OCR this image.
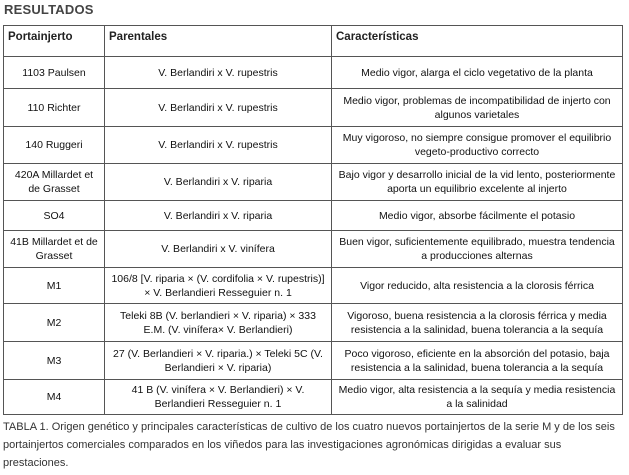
RESULTADOS
Portainjerto	Parentales	Características
1103 Paulsen	V. Berlandiri x V. rupestris	Medio vigor, alarga el ciclo vegetativo de la planta
110 Richter	V. Berlandiri x V. rupestris	Medio vigor, problemas de incompatibilidad de injerto con algunos varietales
140 Ruggeri	V. Berlandiri x V. rupestris	Muy vigoroso, no siempre consigue promover el equilibrio vegeto-productivo correcto
420A Millardet et de Grasset	V. Berlandiri x V. riparia	Bajo vigor y desarrollo inicial de la vid lento, posteriormente aporta un equilibrio excelente al injerto
SO4	V. Berlandiri x V. riparia	Medio vigor, absorbe fácilmente el potasio
41B Millardet et de Grasset	V. Berlandiri x V. vinífera	Buen vigor, suficientemente equilibrado, muestra tendencia a producciones alternas
M1	106/8 [V. riparia × (V. cordifolia × V. rupestris)] × V. Berlandieri Resseguier n. 1	Vigor reducido, alta resistencia a la clorosis férrica
M2	Teleki 8B (V. berlandieri × V. riparia) × 333 E.M. (V. vinífera× V. Berlandieri)	Vigoroso, buena resistencia a la clorosis férrica y media resistencia a la salinidad, buena tolerancia a la sequía
M3	27 (V. Berlandieri × V. riparia.) × Teleki 5C (V. Berlandieri × V. riparia)	Poco vigoroso, eficiente en la absorción del potasio, baja resistencia a la salinidad, buena tolerancia a la sequía
M4	41 B (V. vinífera × V. Berlandieri) × V. Berlandieri Resseguier n. 1	Medio vigor, alta resistencia a la sequía y media resistencia a la salinidad
TABLA 1. Origen genético y principales características de cultivo de los cuatro nuevos portainjertos de la serie M y de los seis portainjertos comerciales comparados en los viñedos para las investigaciones agronómicas dirigidas a evaluar sus prestaciones.
